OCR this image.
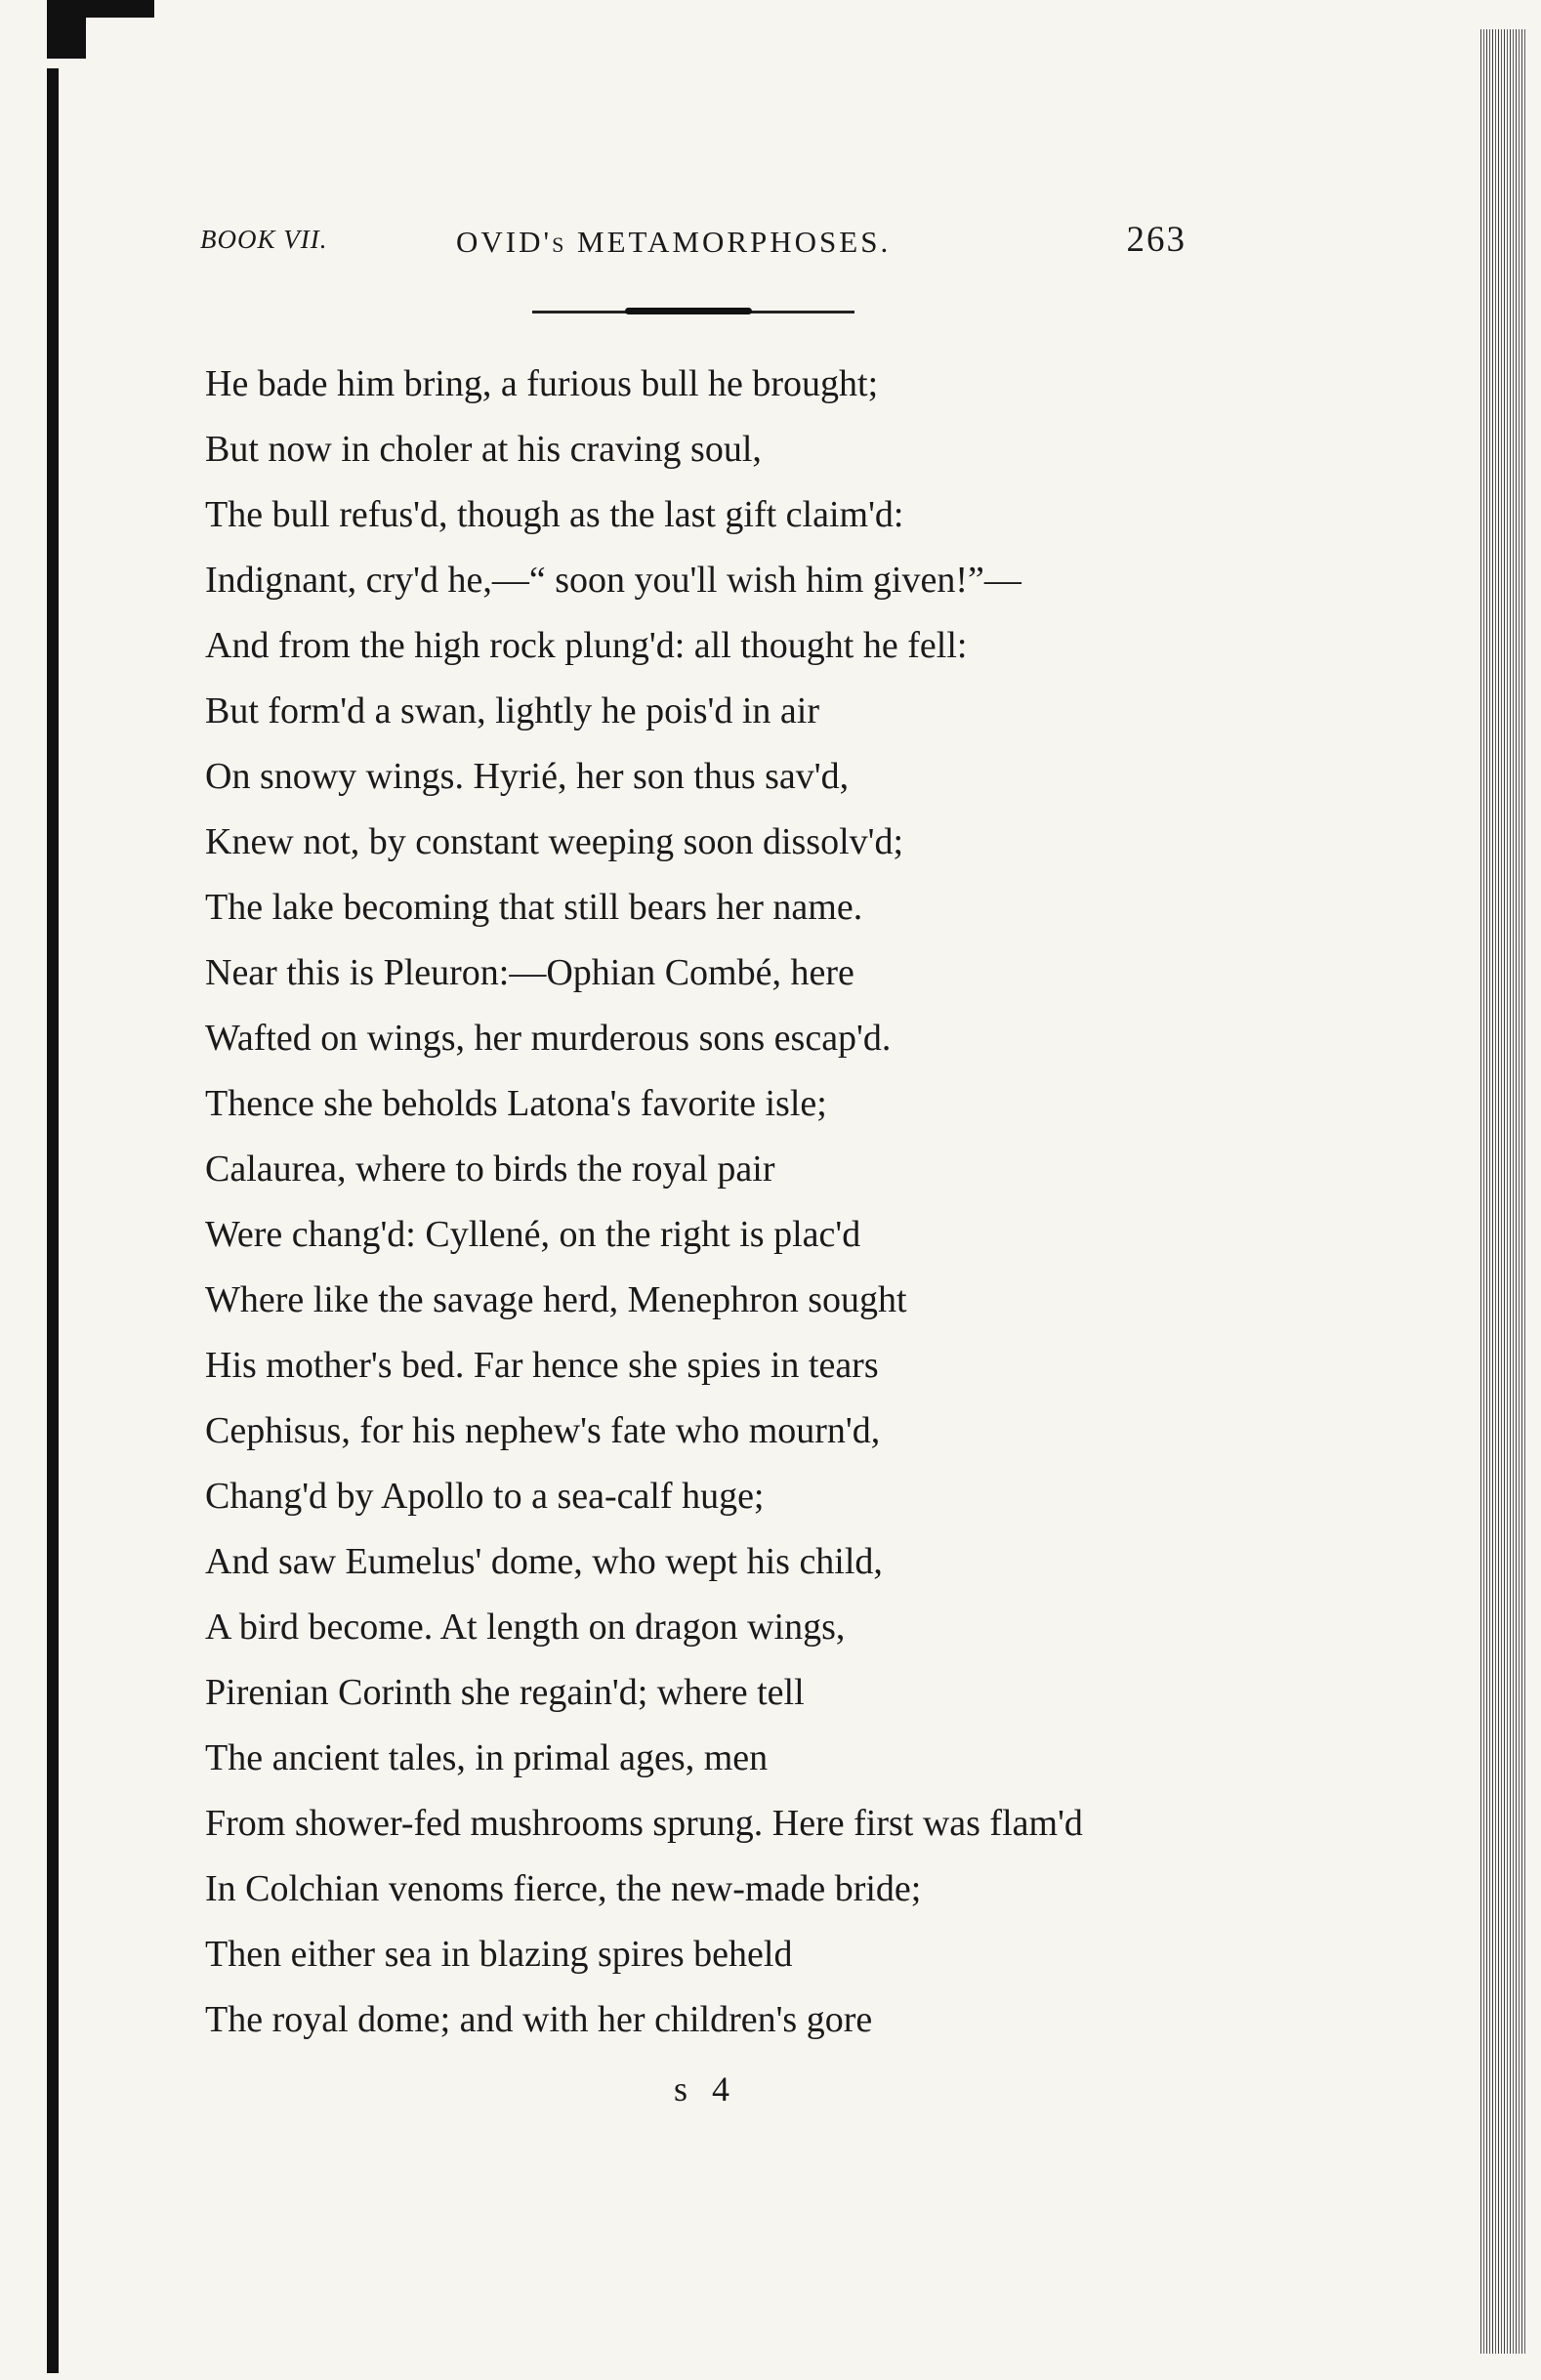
BOOK VII.	OVID's METAMORPHOSES.	263
He bade him bring, a furious bull he brought;
But now in choler at his craving soul,
The bull refus'd, though as the last gift claim'd:
Indignant, cry'd he,—“ soon you'll wish him given!”—
And from the high rock plung'd: all thought he fell:
But form'd a swan, lightly he pois'd in air
On snowy wings. Hyrié, her son thus sav'd,
Knew not, by constant weeping soon dissolv'd;
The lake becoming that still bears her name.
Near this is Pleuron:—Ophian Combé, here
Wafted on wings, her murderous sons escap'd.
Thence she beholds Latona's favorite isle;
Calaurea, where to birds the royal pair
Were chang'd: Cyllené, on the right is plac'd
Where like the savage herd, Menephron sought
His mother's bed. Far hence she spies in tears
Cephisus, for his nephew's fate who mourn'd,
Chang'd by Apollo to a sea-calf huge;
And saw Eumelus' dome, who wept his child,
A bird become. At length on dragon wings,
Pirenian Corinth she regain'd; where tell
The ancient tales, in primal ages, men
From shower-fed mushrooms sprung. Here first was flam'd
In Colchian venoms fierce, the new-made bride;
Then either sea in blazing spires beheld
The royal dome; and with her children's gore
s 4
